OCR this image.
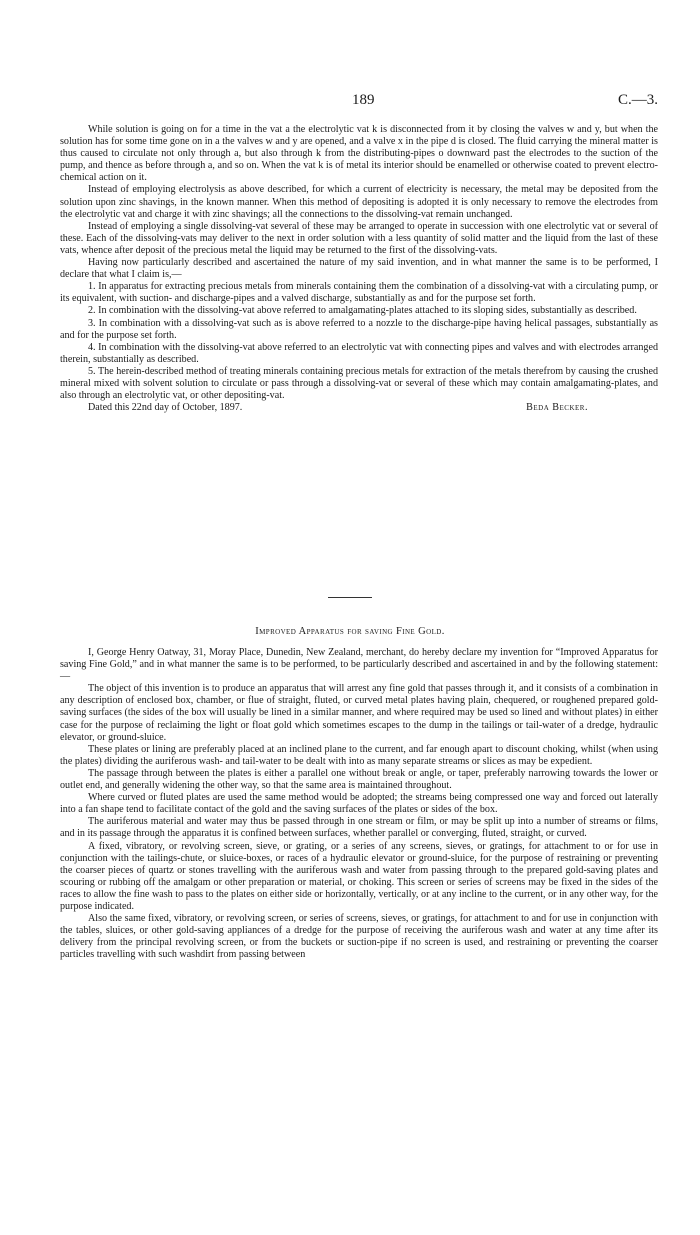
189	C.—3.

While solution is going on for a time in the vat a the electrolytic vat k is disconnected from it by closing the valves w and y, but when the solution has for some time gone on in a the valves w and y are opened, and a valve x in the pipe d is closed. The fluid carrying the mineral matter is thus caused to circulate not only through a, but also through k from the distributing-pipes o downward past the electrodes to the suction of the pump, and thence as before through a, and so on. When the vat k is of metal its interior should be enamelled or otherwise coated to prevent electro-chemical action on it.

Instead of employing electrolysis as above described, for which a current of electricity is necessary, the metal may be deposited from the solution upon zinc shavings, in the known manner. When this method of depositing is adopted it is only necessary to remove the electrodes from the electrolytic vat and charge it with zinc shavings; all the connections to the dissolving-vat remain unchanged.

Instead of employing a single dissolving-vat several of these may be arranged to operate in succession with one electrolytic vat or several of these. Each of the dissolving-vats may deliver to the next in order solution with a less quantity of solid matter and the liquid from the last of these vats, whence after deposit of the precious metal the liquid may be returned to the first of the dissolving-vats.

Having now particularly described and ascertained the nature of my said invention, and in what manner the same is to be performed, I declare that what I claim is,—

1. In apparatus for extracting precious metals from minerals containing them the combination of a dissolving-vat with a circulating pump, or its equivalent, with suction- and discharge-pipes and a valved discharge, substantially as and for the purpose set forth.

2. In combination with the dissolving-vat above referred to amalgamating-plates attached to its sloping sides, substantially as described.

3. In combination with a dissolving-vat such as is above referred to a nozzle to the discharge-pipe having helical passages, substantially as and for the purpose set forth.

4. In combination with the dissolving-vat above referred to an electrolytic vat with connecting pipes and valves and with electrodes arranged therein, substantially as described.

5. The herein-described method of treating minerals containing precious metals for extraction of the metals therefrom by causing the crushed mineral mixed with solvent solution to circulate or pass through a dissolving-vat or several of these which may contain amalgamating-plates, and also through an electrolytic vat, or other depositing-vat.

Dated this 22nd day of October, 1897.	Beda Becker.
Improved Apparatus for saving Fine Gold.

I, George Henry Oatway, 31, Moray Place, Dunedin, New Zealand, merchant, do hereby declare my invention for “Improved Apparatus for saving Fine Gold,” and in what manner the same is to be performed, to be particularly described and ascertained in and by the following statement:—

The object of this invention is to produce an apparatus that will arrest any fine gold that passes through it, and it consists of a combination in any description of enclosed box, chamber, or flue of straight, fluted, or curved metal plates having plain, chequered, or roughened prepared gold-saving surfaces (the sides of the box will usually be lined in a similar manner, and where required may be used so lined and without plates) in either case for the purpose of reclaiming the light or float gold which sometimes escapes to the dump in the tailings or tail-water of a dredge, hydraulic elevator, or ground-sluice.

These plates or lining are preferably placed at an inclined plane to the current, and far enough apart to discount choking, whilst (when using the plates) dividing the auriferous wash- and tail-water to be dealt with into as many separate streams or slices as may be expedient.

The passage through between the plates is either a parallel one without break or angle, or taper, preferably narrowing towards the lower or outlet end, and generally widening the other way, so that the same area is maintained throughout.

Where curved or fluted plates are used the same method would be adopted; the streams being compressed one way and forced out laterally into a fan shape tend to facilitate contact of the gold and the saving surfaces of the plates or sides of the box.

The auriferous material and water may thus be passed through in one stream or film, or may be split up into a number of streams or films, and in its passage through the apparatus it is confined between surfaces, whether parallel or converging, fluted, straight, or curved.

A fixed, vibratory, or revolving screen, sieve, or grating, or a series of any screens, sieves, or gratings, for attachment to or for use in conjunction with the tailings-chute, or sluice-boxes, or races of a hydraulic elevator or ground-sluice, for the purpose of restraining or preventing the coarser pieces of quartz or stones travelling with the auriferous wash and water from passing through to the prepared gold-saving plates and scouring or rubbing off the amalgam or other preparation or material, or choking. This screen or series of screens may be fixed in the sides of the races to allow the fine wash to pass to the plates on either side or horizontally, vertically, or at any incline to the current, or in any other way, for the purpose indicated.

Also the same fixed, vibratory, or revolving screen, or series of screens, sieves, or gratings, for attachment to and for use in conjunction with the tables, sluices, or other gold-saving appliances of a dredge for the purpose of receiving the auriferous wash and water at any time after its delivery from the principal revolving screen, or from the buckets or suction-pipe if no screen is used, and restraining or preventing the coarser particles travelling with such washdirt from passing between
